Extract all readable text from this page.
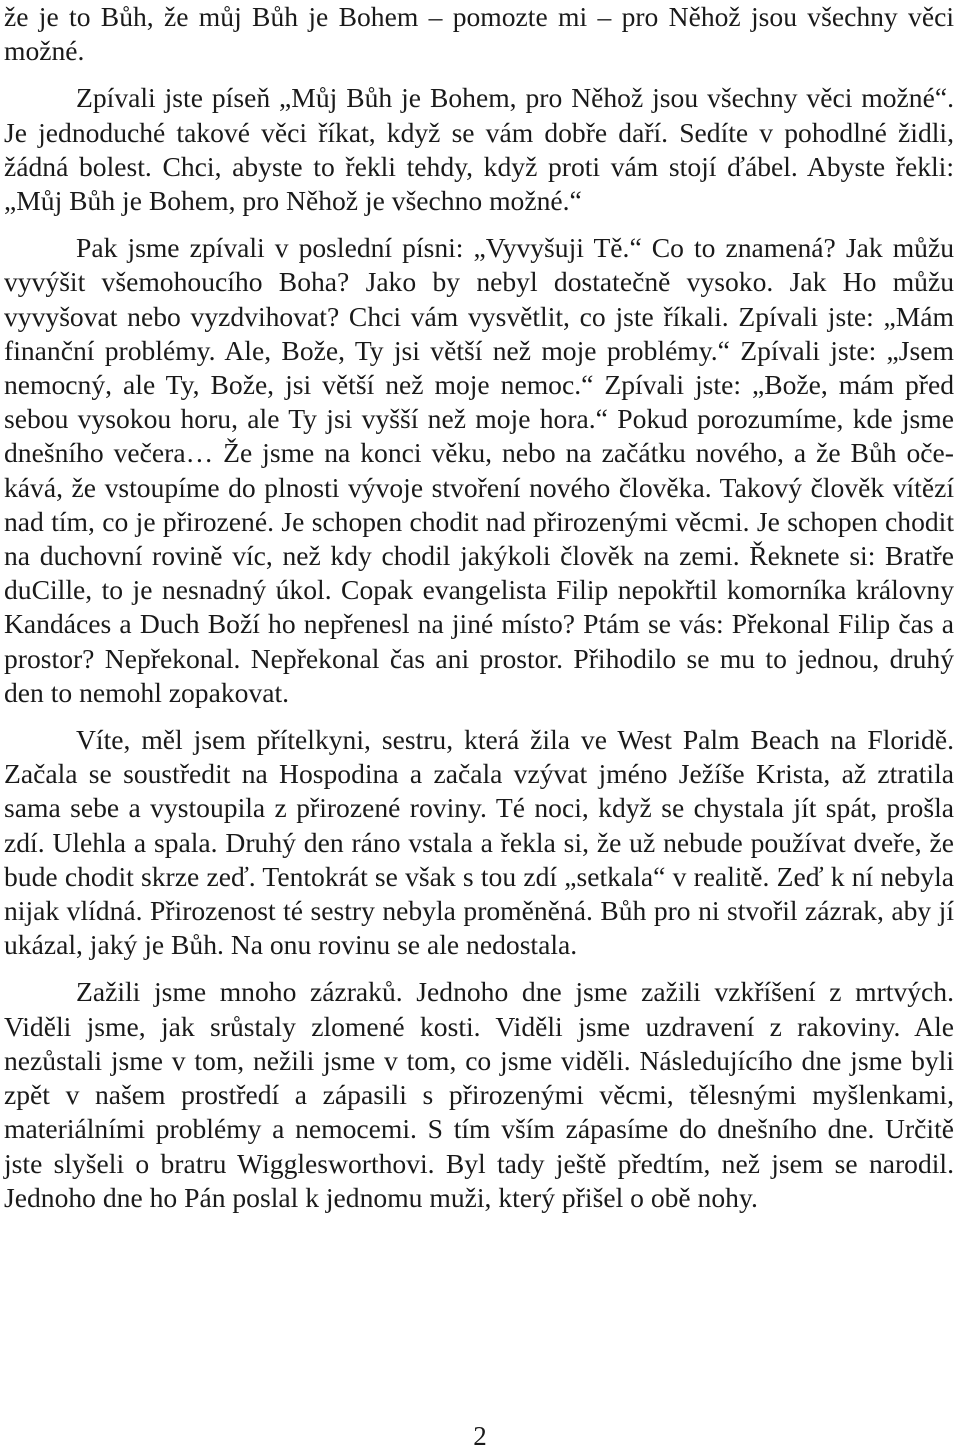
že je to Bůh, že můj Bůh je Bohem – pomozte mi – pro Něhož jsou všechny věci možné.

Zpívali jste píseň „Můj Bůh je Bohem, pro Něhož jsou všechny věci možné“. Je jednoduché takové věci říkat, když se vám dobře daří. Sedíte v pohodlné židli, žádná bolest. Chci, abyste to řekli tehdy, když proti vám stojí ďábel. Abyste řekli: „Můj Bůh je Bohem, pro Něhož je všechno možné.“

Pak jsme zpívali v poslední písni: „Vyvyšuji Tě.“ Co to znamená? Jak můžu vyvýšit všemohoucího Boha? Jako by nebyl dostatečně vysoko. Jak Ho můžu vyvyšovat nebo vyzdvihovat? Chci vám vysvětlit, co jste říkali. Zpívali jste: „Mám finanční problémy. Ale, Bože, Ty jsi větší než moje problémy.“ Zpívali jste: „Jsem nemocný, ale Ty, Bože, jsi větší než moje nemoc.“ Zpívali jste: „Bože, mám před sebou vysokou horu, ale Ty jsi vyšší než moje hora.“ Pokud porozumíme, kde jsme dnešního večera… Že jsme na konci věku, nebo na začátku nového, a že Bůh očekává, že vstoupíme do plnosti vývoje stvoření nového člověka. Takový člověk vítězí nad tím, co je přirozené. Je schopen chodit nad přirozenými věcmi. Je schopen chodit na duchovní rovině víc, než kdy chodil jakýkoli člověk na zemi. Řeknete si: Bratře duCille, to je nesnadný úkol. Copak evangelista Filip nepokřtil komorníka královny Kandáces a Duch Boží ho nepřenesl na jiné místo? Ptám se vás: Překonal Filip čas a prostor? Nepřekonal. Nepřekonal čas ani prostor. Přihodilo se mu to jednou, druhý den to nemohl zopakovat.

Víte, měl jsem přítelkyni, sestru, která žila ve West Palm Beach na Floridě. Začala se soustředit na Hospodina a začala vzývat jméno Ježíše Krista, až ztratila sama sebe a vystoupila z přirozené roviny. Té noci, když se chystala jít spát, prošla zdí. Ulehla a spala. Druhý den ráno vstala a řekla si, že už nebude používat dveře, že bude chodit skrze zeď. Tentokrát se však s tou zdí „setkala“ v realitě. Zeď k ní nebyla nijak vlídná. Přirozenost té sestry nebyla proměněná. Bůh pro ni stvořil zázrak, aby jí ukázal, jaký je Bůh. Na onu rovinu se ale nedostala.

Zažili jsme mnoho zázraků. Jednoho dne jsme zažili vzkříšení z mrtvých. Viděli jsme, jak srůstaly zlomené kosti. Viděli jsme uzdravení z rakoviny. Ale nezůstali jsme v tom, nežili jsme v tom, co jsme viděli. Následujícího dne jsme byli zpět v našem prostředí a zápasili s přirozenými věcmi, tělesnými myšlenkami, materiálními problémy a nemocemi. S tím vším zápasíme do dnešního dne. Určitě jste slyšeli o bratru Wigglesworthovi. Byl tady ještě předtím, než jsem se narodil. Jednoho dne ho Pán poslal k jednomu muži, který přišel o obě nohy.

2
